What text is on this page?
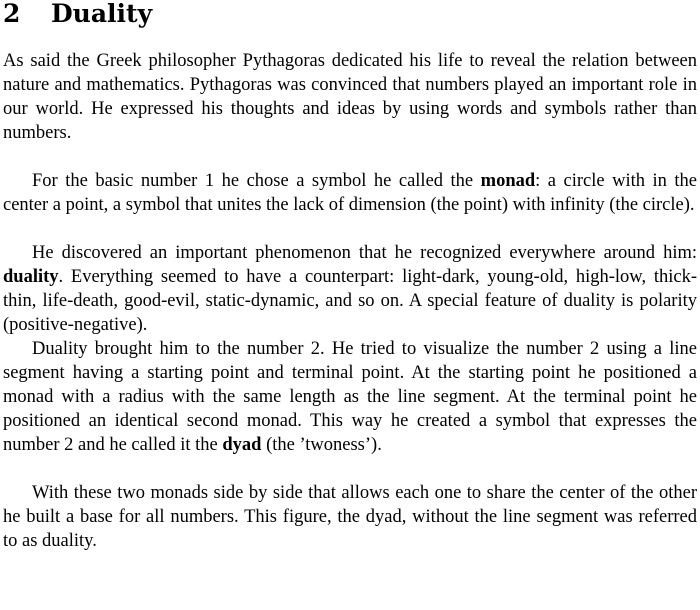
2 Duality

As said the Greek philosopher Pythagoras dedicated his life to reveal the relation between nature and mathematics. Pythagoras was convinced that numbers played an important role in our world. He expressed his thoughts and ideas by using words and symbols rather than numbers.

For the basic number 1 he chose a symbol he called the monad: a circle with in the center a point, a symbol that unites the lack of dimension (the point) with infinity (the circle).

He discovered an important phenomenon that he recognized everywhere around him: duality. Everything seemed to have a counterpart: light-dark, young-old, high-low, thick-thin, life-death, good-evil, static-dynamic, and so on. A special feature of duality is polarity (positive-negative).

Duality brought him to the number 2. He tried to visualize the number 2 using a line segment having a starting point and terminal point. At the starting point he positioned a monad with a radius with the same length as the line segment. At the terminal point he positioned an identical second monad. This way he created a symbol that expresses the number 2 and he called it the dyad (the ’twoness’).

With these two monads side by side that allows each one to share the center of the other he built a base for all numbers. This figure, the dyad, without the line segment was referred to as duality.
